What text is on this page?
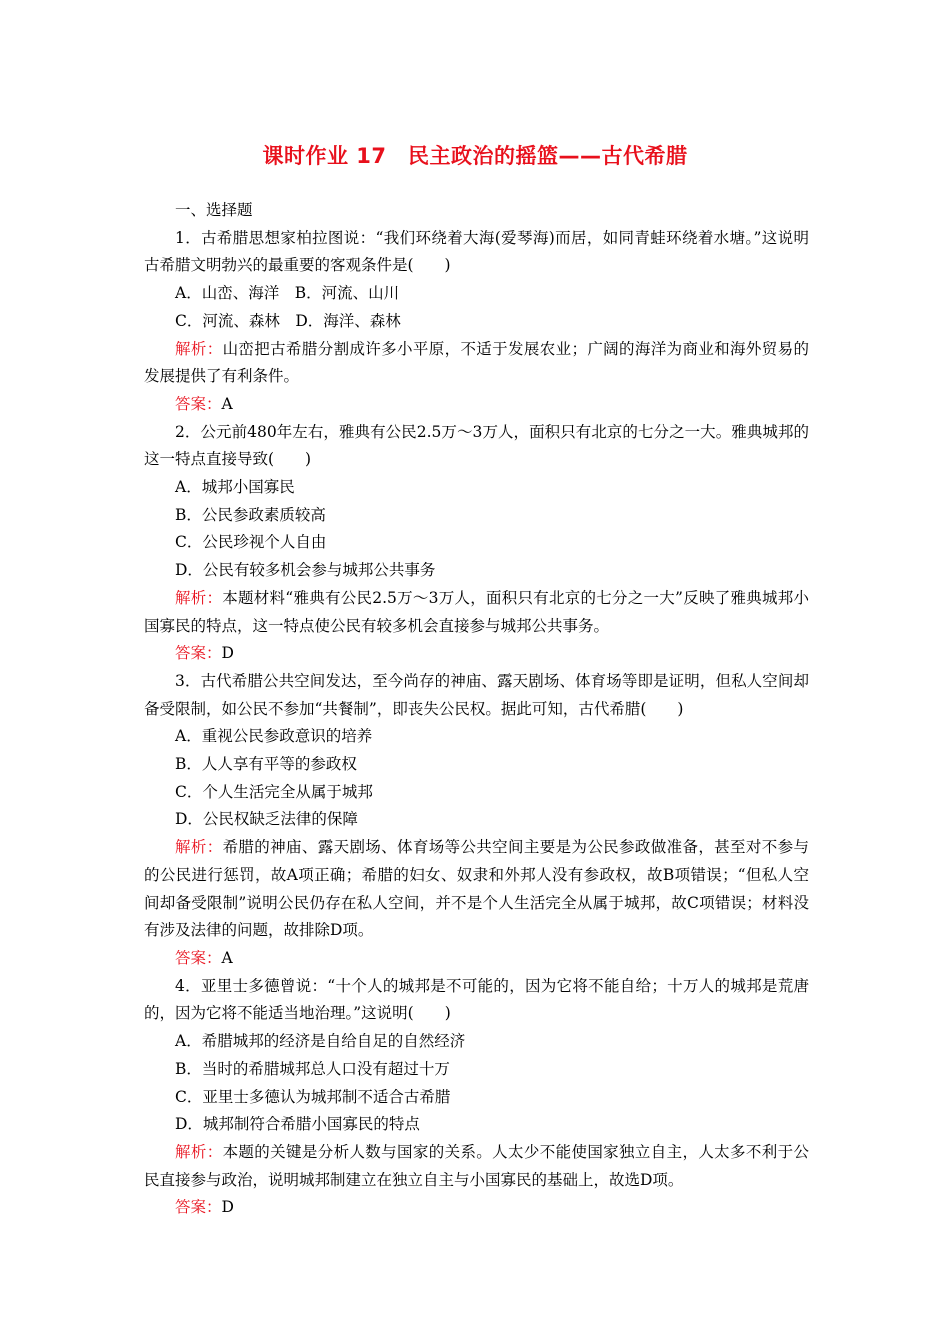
课时作业 17　民主政治的摇篮——古代希腊

一、选择题

1．古希腊思想家柏拉图说：“我们环绕着大海(爱琴海)而居，如同青蛙环绕着水塘。”这说明古希腊文明勃兴的最重要的客观条件是(　　)

A．山峦、海洋　B．河流、山川

C．河流、森林　D．海洋、森林

解析：山峦把古希腊分割成许多小平原，不适于发展农业；广阔的海洋为商业和海外贸易的发展提供了有利条件。

答案：A

2．公元前480年左右，雅典有公民2.5万～3万人，面积只有北京的七分之一大。雅典城邦的这一特点直接导致(　　)

A．城邦小国寡民

B．公民参政素质较高

C．公民珍视个人自由

D．公民有较多机会参与城邦公共事务

解析：本题材料“雅典有公民2.5万～3万人，面积只有北京的七分之一大”反映了雅典城邦小国寡民的特点，这一特点使公民有较多机会直接参与城邦公共事务。

答案：D

3．古代希腊公共空间发达，至今尚存的神庙、露天剧场、体育场等即是证明，但私人空间却备受限制，如公民不参加“共餐制”，即丧失公民权。据此可知，古代希腊(　　)

A．重视公民参政意识的培养

B．人人享有平等的参政权

C．个人生活完全从属于城邦

D．公民权缺乏法律的保障

解析：希腊的神庙、露天剧场、体育场等公共空间主要是为公民参政做准备，甚至对不参与的公民进行惩罚，故A项正确；希腊的妇女、奴隶和外邦人没有参政权，故B项错误；“但私人空间却备受限制”说明公民仍存在私人空间，并不是个人生活完全从属于城邦，故C项错误；材料没有涉及法律的问题，故排除D项。

答案：A

4．亚里士多德曾说：“十个人的城邦是不可能的，因为它将不能自给；十万人的城邦是荒唐的，因为它将不能适当地治理。”这说明(　　)

A．希腊城邦的经济是自给自足的自然经济

B．当时的希腊城邦总人口没有超过十万

C．亚里士多德认为城邦制不适合古希腊

D．城邦制符合希腊小国寡民的特点

解析：本题的关键是分析人数与国家的关系。人太少不能使国家独立自主，人太多不利于公民直接参与政治，说明城邦制建立在独立自主与小国寡民的基础上，故选D项。

答案：D
